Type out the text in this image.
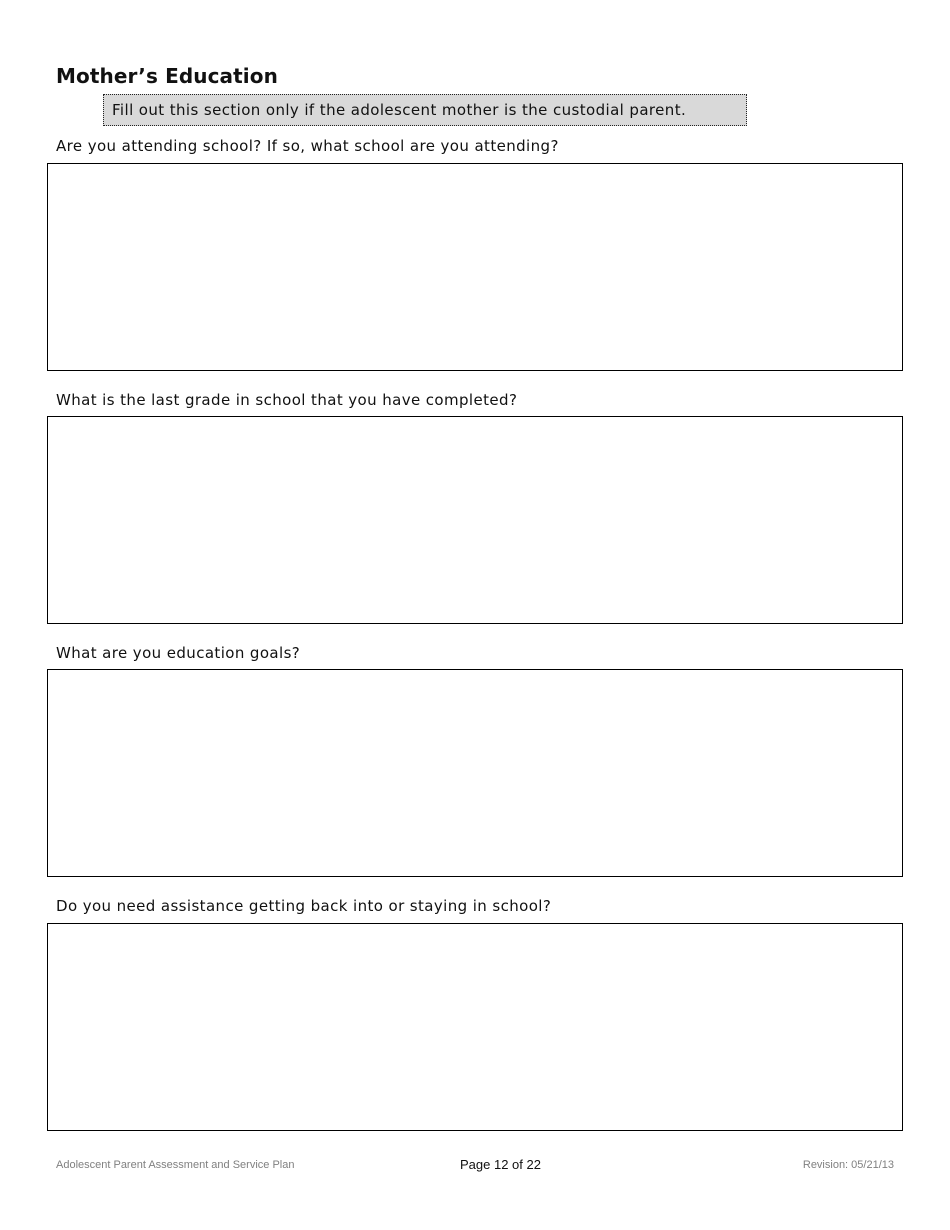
Mother’s Education
Fill out this section only if the adolescent mother is the custodial parent.
Are you attending school? If so, what school are you attending?
What is the last grade in school that you have completed?
What are you education goals?
Do you need assistance getting back into or staying in school?
Adolescent Parent Assessment and Service Plan	Page 12 of 22	Revision: 05/21/13
